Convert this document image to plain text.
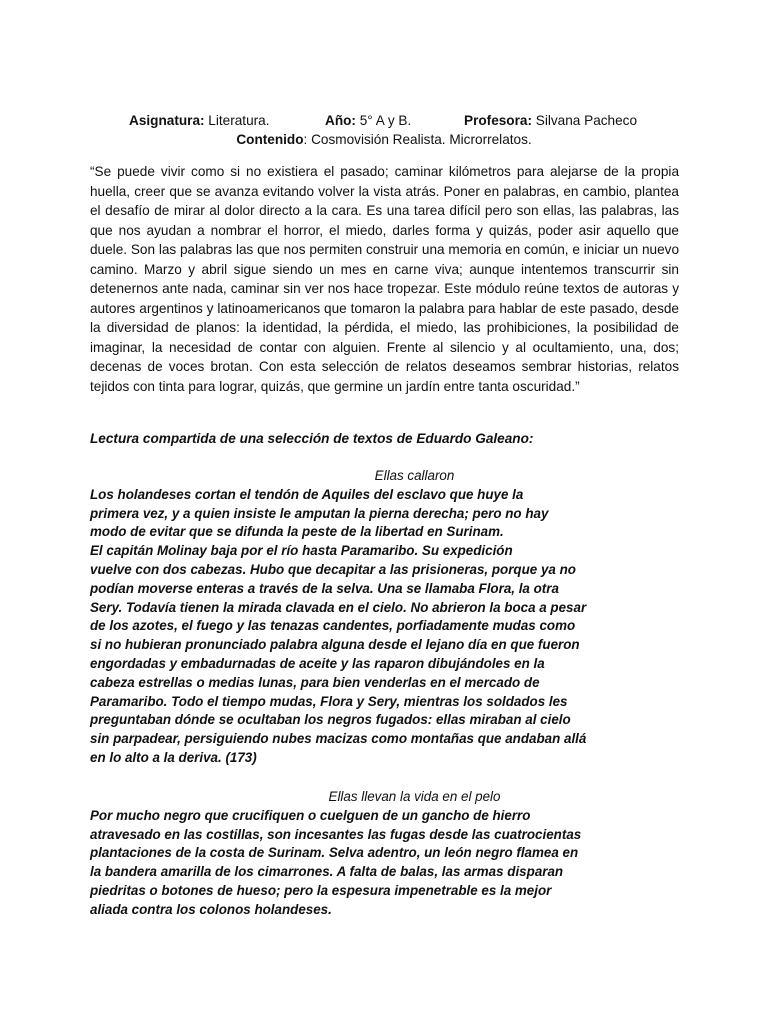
Asignatura: Literatura.	Año: 5° A y B.	Profesora: Silvana Pacheco
Contenido: Cosmovisión Realista. Microrrelatos.

“Se puede vivir como si no existiera el pasado; caminar kilómetros para alejarse de la propia huella, creer que se avanza evitando volver la vista atrás. Poner en palabras, en cambio, plantea el desafío de mirar al dolor directo a la cara. Es una tarea difícil pero son ellas, las palabras, las que nos ayudan a nombrar el horror, el miedo, darles forma y quizás, poder asir aquello que duele. Son las palabras las que nos permiten construir una memoria en común, e iniciar un nuevo camino. Marzo y abril sigue siendo un mes en carne viva; aunque intentemos transcurrir sin detenernos ante nada, caminar sin ver nos hace tropezar. Este módulo reúne textos de autoras y autores argentinos y latinoamericanos que tomaron la palabra para hablar de este pasado, desde la diversidad de planos: la identidad, la pérdida, el miedo, las prohibiciones, la posibilidad de imaginar, la necesidad de contar con alguien. Frente al silencio y al ocultamiento, una, dos; decenas de voces brotan. Con esta selección de relatos deseamos sembrar historias, relatos tejidos con tinta para lograr, quizás, que germine un jardín entre tanta oscuridad.”

Lectura compartida de una selección de textos de Eduardo Galeano:

Ellas callaron

Los holandeses cortan el tendón de Aquiles del esclavo que huye la
primera vez, y a quien insiste le amputan la pierna derecha; pero no hay
modo de evitar que se difunda la peste de la libertad en Surinam.
El capitán Molinay baja por el río hasta Paramaribo. Su expedición
vuelve con dos cabezas. Hubo que decapitar a las prisioneras, porque ya no
podían moverse enteras a través de la selva. Una se llamaba Flora, la otra
Sery. Todavía tienen la mirada clavada en el cielo. No abrieron la boca a pesar
de los azotes, el fuego y las tenazas candentes, porfiadamente mudas como
si no hubieran pronunciado palabra alguna desde el lejano día en que fueron
engordadas y embadurnadas de aceite y las raparon dibujándoles en la
cabeza estrellas o medias lunas, para bien venderlas en el mercado de
Paramaribo. Todo el tiempo mudas, Flora y Sery, mientras los soldados les
preguntaban dónde se ocultaban los negros fugados: ellas miraban al cielo
sin parpadear, persiguiendo nubes macizas como montañas que andaban allá
en lo alto a la deriva. (173)

Ellas llevan la vida en el pelo

Por mucho negro que crucifiquen o cuelguen de un gancho de hierro
atravesado en las costillas, son incesantes las fugas desde las cuatrocientas
plantaciones de la costa de Surinam. Selva adentro, un león negro flamea en
la bandera amarilla de los cimarrones. A falta de balas, las armas disparan
piedritas o botones de hueso; pero la espesura impenetrable es la mejor
aliada contra los colonos holandeses.
